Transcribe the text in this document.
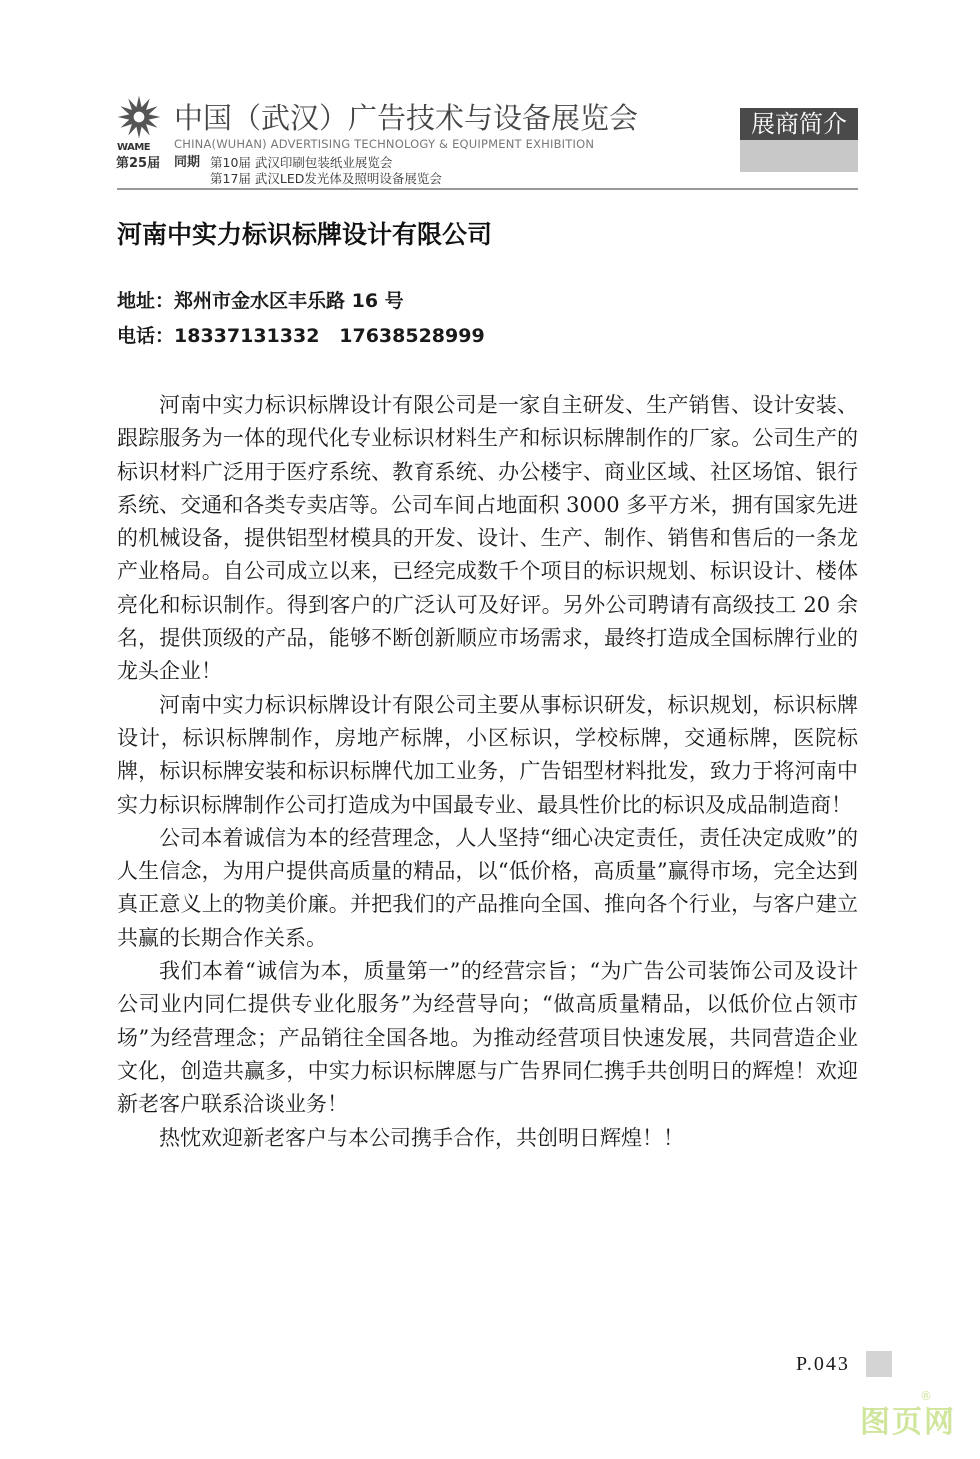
WAME
第25届
中国（武汉）广告技术与设备展览会
CHINA(WUHAN) ADVERTISING TECHNOLOGY & EQUIPMENT EXHIBITION
同期 第10届 武汉印刷包装纸业展览会
第17届 武汉LED发光体及照明设备展览会
展商简介
河南中实力标识标牌设计有限公司
地址：郑州市金水区丰乐路 16 号
电话：18337131332   17638528999

河南中实力标识标牌设计有限公司是一家自主研发、生产销售、设计安装、跟踪服务为一体的现代化专业标识材料生产和标识标牌制作的厂家。公司生产的标识材料广泛用于医疗系统、教育系统、办公楼宇、商业区域、社区场馆、银行系统、交通和各类专卖店等。公司车间占地面积 3000 多平方米，拥有国家先进的机械设备，提供铝型材模具的开发、设计、生产、制作、销售和售后的一条龙产业格局。自公司成立以来，已经完成数千个项目的标识规划、标识设计、楼体亮化和标识制作。得到客户的广泛认可及好评。另外公司聘请有高级技工 20 余名，提供顶级的产品，能够不断创新顺应市场需求，最终打造成全国标牌行业的龙头企业！

河南中实力标识标牌设计有限公司主要从事标识研发，标识规划，标识标牌设计，标识标牌制作，房地产标牌，小区标识，学校标牌，交通标牌，医院标牌，标识标牌安装和标识标牌代加工业务，广告铝型材料批发，致力于将河南中实力标识标牌制作公司打造成为中国最专业、最具性价比的标识及成品制造商！

公司本着诚信为本的经营理念，人人坚持“细心决定责任，责任决定成败”的人生信念，为用户提供高质量的精品，以“低价格，高质量”赢得市场，完全达到真正意义上的物美价廉。并把我们的产品推向全国、推向各个行业，与客户建立共赢的长期合作关系。

我们本着“诚信为本，质量第一”的经营宗旨；“为广告公司装饰公司及设计公司业内同仁提供专业化服务”为经营导向；“做高质量精品，以低价位占领市场”为经营理念；产品销往全国各地。为推动经营项目快速发展，共同营造企业文化，创造共赢多，中实力标识标牌愿与广告界同仁携手共创明日的辉煌！欢迎新老客户联系洽谈业务！

热忱欢迎新老客户与本公司携手合作，共创明日辉煌！！

P.043
图页网
®
